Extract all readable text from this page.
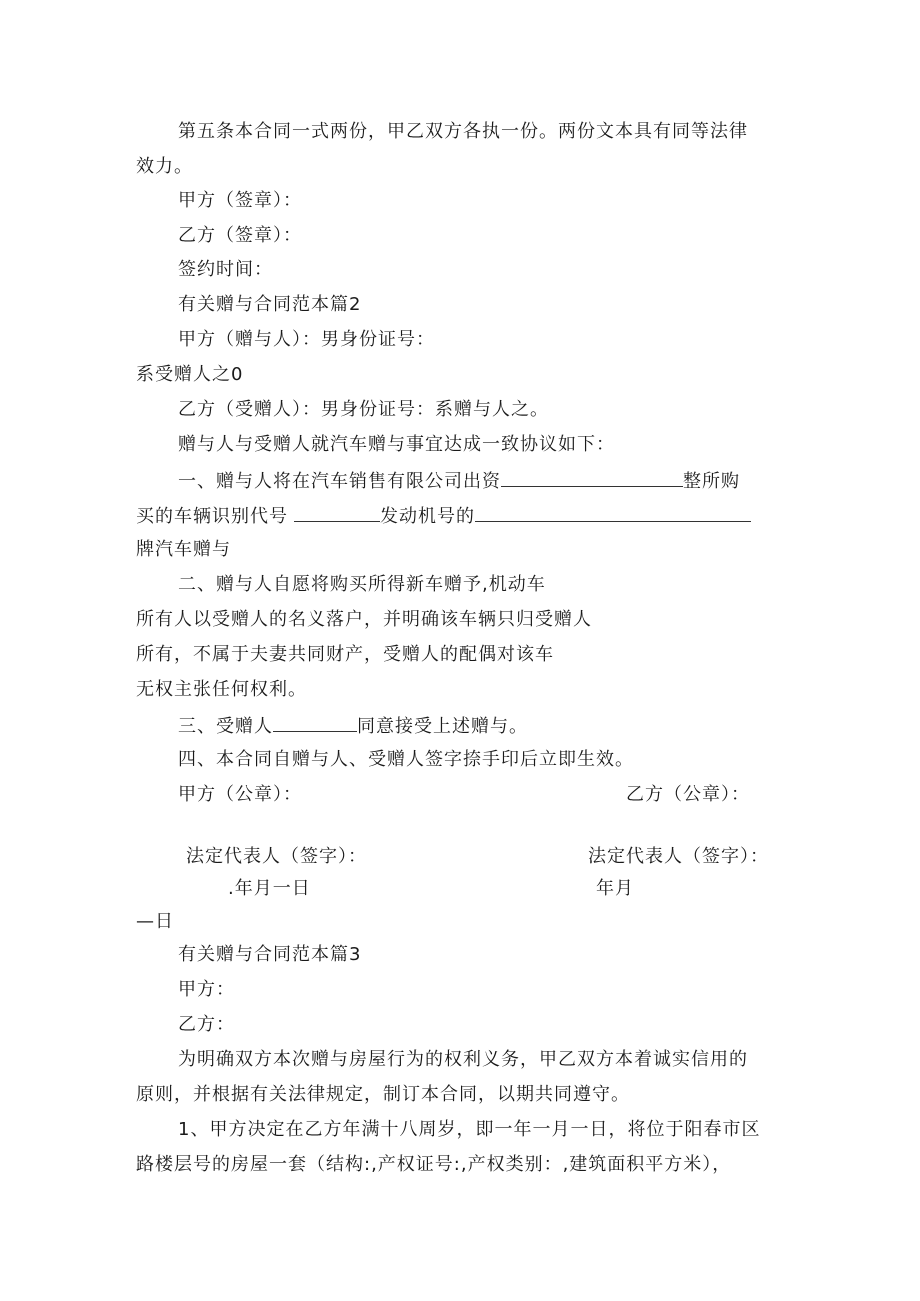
第五条本合同一式两份，甲乙双方各执一份。两份文本具有同等法律
效力。
甲方（签章）：
乙方（签章）：
签约时间：
有关赠与合同范本篇2
甲方（赠与人）：男身份证号：
系受赠人之0
乙方（受赠人）：男身份证号：系赠与人之。
赠与人与受赠人就汽车赠与事宜达成一致协议如下：
一、赠与人将在汽车销售有限公司出资	整所购
买的车辆识别代号	发动机号的
牌汽车赠与
二、赠与人自愿将购买所得新车赠予,机动车
所有人以受赠人的名义落户，并明确该车辆只归受赠人
所有，不属于夫妻共同财产，受赠人的配偶对该车
无权主张任何权利。
三、受赠人	同意接受上述赠与。
四、本合同自赠与人、受赠人签字捺手印后立即生效。
甲方（公章）：	乙方（公章）：
法定代表人（签字）：	法定代表人（签字）：
.年月一日	年月
—日
有关赠与合同范本篇3
甲方：
乙方：
为明确双方本次赠与房屋行为的权利义务，甲乙双方本着诚实信用的
原则，并根据有关法律规定，制订本合同，以期共同遵守。
1、甲方决定在乙方年满十八周岁，即一年一月一日，将位于阳春市区
路楼层号的房屋一套（结构:,产权证号:,产权类别：,建筑面积平方米），
